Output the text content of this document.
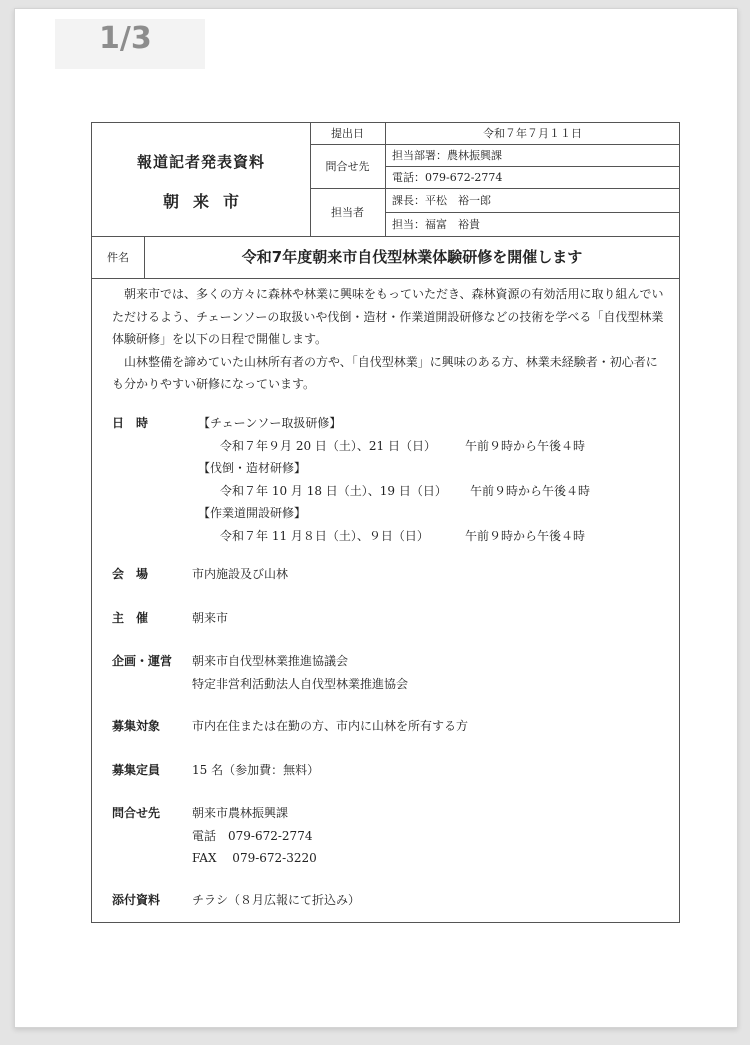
1/3
報道記者発表資料
朝来市
提出日	令和７年７月１１日
問合せ先	担当部署：農林振興課
	電話：079-672-2774
担当者	課長：平松　裕一郎
	担当：福富　裕貴
件名	令和7年度朝来市自伐型林業体験研修を開催します

朝来市では、多くの方々に森林や林業に興味をもっていただき、森林資源の有効活用に取り組んでいただけるよう、チェーンソーの取扱いや伐倒・造材・作業道開設研修などの技術を学べる「自伐型林業体験研修」を以下の日程で開催します。

山林整備を諦めていた山林所有者の方や、「自伐型林業」に興味のある方、林業未経験者・初心者にも分かりやすい研修になっています。

日　時	【チェーンソー取扱研修】
令和７年９月 20 日（土）、21 日（日） 午前９時から午後４時
【伐倒・造材研修】
令和７年 10 月 18 日（土）、19 日（日） 午前９時から午後４時
【作業道開設研修】
令和７年 11 月８日（土）、９日（日）	午前９時から午後４時
会　場	市内施設及び山林
主　催	朝来市
企画・運営	朝来市自伐型林業推進協議会
特定非営利活動法人自伐型林業推進協会
募集対象	市内在住または在勤の方、市内に山林を所有する方
募集定員	15 名（参加費：無料）
問合せ先	朝来市農林振興課
電話　079-672-2774
FAX　 079-672-3220
添付資料	チラシ（８月広報にて折込み）
